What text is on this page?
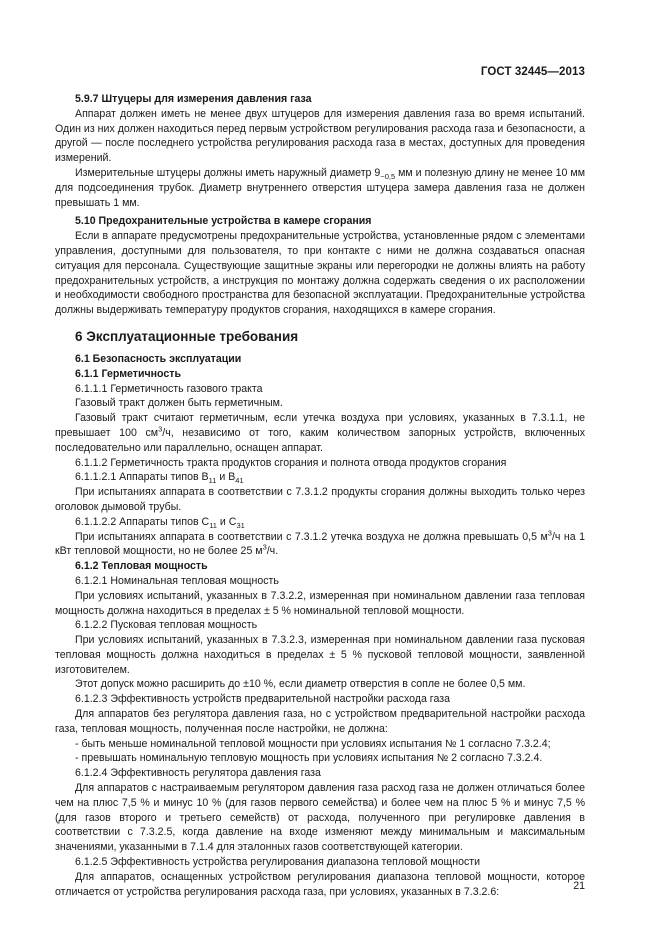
ГОСТ 32445—2013

5.9.7 Штуцеры для измерения давления газа

Аппарат должен иметь не менее двух штуцеров для измерения давления газа во время испытаний. Один из них должен находиться перед первым устройством регулирования расхода газа и безопасности, а другой — после последнего устройства регулирования расхода газа в местах, доступных для проведения измерений.

Измерительные штуцеры должны иметь наружный диаметр $9_{-0,5}$ мм и полезную длину не менее 10 мм для подсоединения трубок. Диаметр внутреннего отверстия штуцера замера давления газа не должен превышать 1 мм.

5.10 Предохранительные устройства в камере сгорания

Если в аппарате предусмотрены предохранительные устройства, установленные рядом с элементами управления, доступными для пользователя, то при контакте с ними не должна создаваться опасная ситуация для персонала. Существующие защитные экраны или перегородки не должны влиять на работу предохранительных устройств, а инструкция по монтажу должна содержать сведения о их расположении и необходимости свободного пространства для безопасной эксплуатации. Предохранительные устройства должны выдерживать температуру продуктов сгорания, находящихся в камере сгорания.

6 Эксплуатационные требования

6.1 Безопасность эксплуатации

6.1.1 Герметичность

6.1.1.1 Герметичность газового тракта

Газовый тракт должен быть герметичным.

Газовый тракт считают герметичным, если утечка воздуха при условиях, указанных в 7.3.1.1, не превышает 100 $см^3/ч$, независимо от того, каким количеством запорных устройств, включенных последовательно или параллельно, оснащен аппарат.

6.1.1.2 Герметичность тракта продуктов сгорания и полнота отвода продуктов сгорания

6.1.1.2.1 Аппараты типов $B_{11}$ и $B_{41}$

При испытаниях аппарата в соответствии с 7.3.1.2 продукты сгорания должны выходить только через оголовок дымовой трубы.

6.1.1.2.2 Аппараты типов $C_{11}$ и $C_{31}$

При испытаниях аппарата в соответствии с 7.3.1.2 утечка воздуха не должна превышать 0,5 $м^3/ч$ на 1 кВт тепловой мощности, но не более 25 $м^3/ч$.

6.1.2 Тепловая мощность

6.1.2.1 Номинальная тепловая мощность

При условиях испытаний, указанных в 7.3.2.2, измеренная при номинальном давлении газа тепловая мощность должна находиться в пределах ± 5 % номинальной тепловой мощности.

6.1.2.2 Пусковая тепловая мощность

При условиях испытаний, указанных в 7.3.2.3, измеренная при номинальном давлении газа пусковая тепловая мощность должна находиться в пределах ± 5 % пусковой тепловой мощности, заявленной изготовителем.

Этот допуск можно расширить до ±10 %, если диаметр отверстия в сопле не более 0,5 мм.

6.1.2.3 Эффективность устройств предварительной настройки расхода газа

Для аппаратов без регулятора давления газа, но с устройством предварительной настройки расхода газа, тепловая мощность, полученная после настройки, не должна:

- быть меньше номинальной тепловой мощности при условиях испытания № 1 согласно 7.3.2.4;

- превышать номинальную тепловую мощность при условиях испытания № 2 согласно 7.3.2.4.

6.1.2.4 Эффективность регулятора давления газа

Для аппаратов с настраиваемым регулятором давления газа расход газа не должен отличаться более чем на плюс 7,5 % и минус 10 % (для газов первого семейства) и более чем на плюс 5 % и минус 7,5 % (для газов второго и третьего семейств) от расхода, полученного при регулировке давления в соответствии с 7.3.2.5, когда давление на входе изменяют между минимальным и максимальным значениями, указанными в 7.1.4 для эталонных газов соответствующей категории.

6.1.2.5 Эффективность устройства регулирования диапазона тепловой мощности

Для аппаратов, оснащенных устройством регулирования диапазона тепловой мощности, которое отличается от устройства регулирования расхода газа, при условиях, указанных в 7.3.2.6:	21
